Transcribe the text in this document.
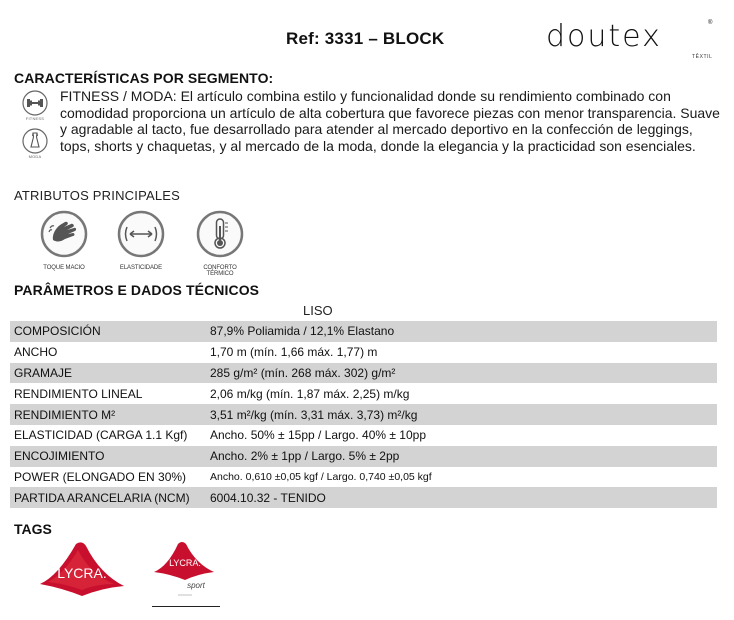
Ref: 3331 – BLOCK	doutex
TÊXTIL
®
CARACTERÍSTICAS POR SEGMENTO:
FITNESS
MODA
FITNESS / MODA: El artículo combina estilo y funcionalidad donde su rendimiento combinado con comodidad proporciona un artículo de alta cobertura que favorece piezas con menor transparencia. Suave y agradable al tacto, fue desarrollado para atender al mercado deportivo en la confección de leggings, tops, shorts y chaquetas, y al mercado de la moda, donde la elegancia y la practicidad son esenciales.
ATRIBUTOS PRINCIPALES
TOQUE MACIO	ELASTICIDADE	CONFORTO TÉRMICO
PARÂMETROS E DADOS TÉCNICOS
LISO
COMPOSICIÓN	87,9% Poliamida / 12,1% Elastano
ANCHO	1,70 m (mín. 1,66 máx. 1,77) m
GRAMAJE	285 g/m² (mín. 268 máx. 302) g/m²
RENDIMIENTO LINEAL	2,06 m/kg (mín. 1,87 máx. 2,25) m/kg
RENDIMIENTO M²	3,51 m²/kg (mín. 3,31 máx. 3,73) m²/kg
ELASTICIDAD (CARGA 1.1 Kgf)	Ancho. 50% ± 15pp / Largo. 40% ± 10pp
ENCOJIMIENTO	Ancho. 2% ± 1pp / Largo. 5% ± 2pp
POWER (ELONGADO EN 30%)	Ancho. 0,610 ±0,05 kgf / Largo. 0,740 ±0,05 kgf
PARTIDA ARANCELARIA (NCM)	6004.10.32 - TENIDO
TAGS
LYCRA.
LYCRA.
sport
